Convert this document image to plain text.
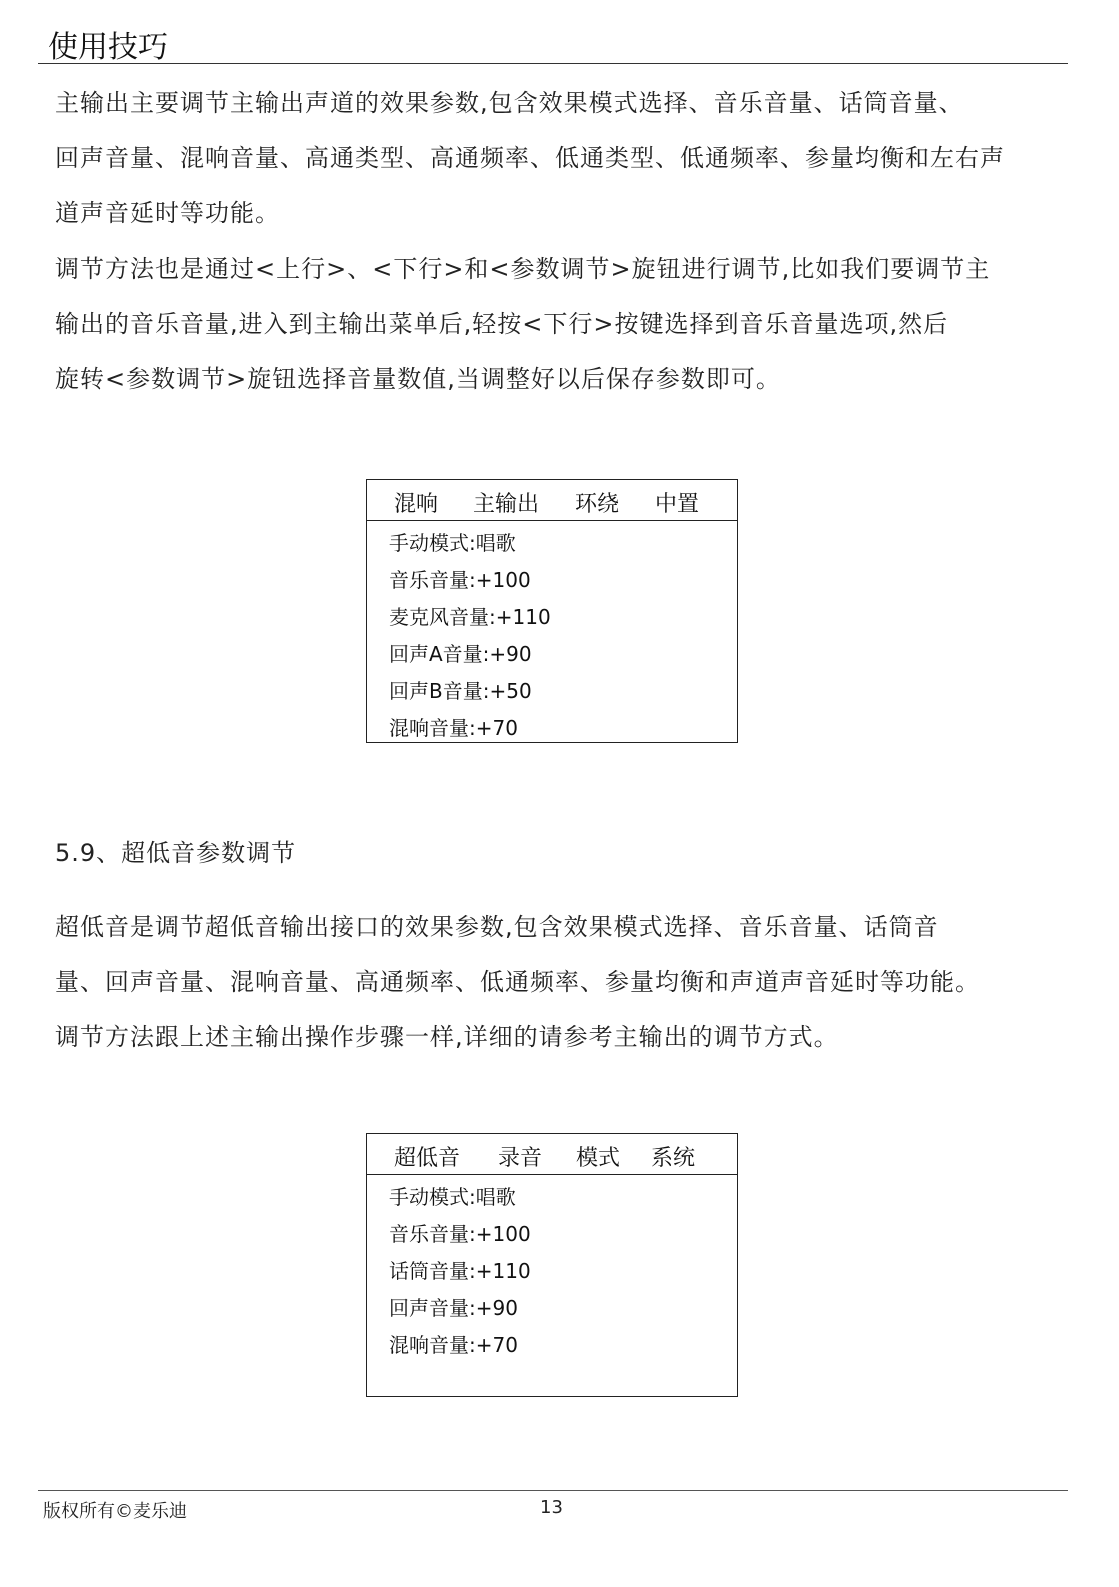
使用技巧
主输出主要调节主输出声道的效果参数,包含效果模式选择、音乐音量、话筒音量、
回声音量、混响音量、高通类型、高通频率、低通类型、低通频率、参量均衡和左右声
道声音延时等功能。
调节方法也是通过<上行>、<下行>和<参数调节>旋钮进行调节,比如我们要调节主
输出的音乐音量,进入到主输出菜单后,轻按<下行>按键选择到音乐音量选项,然后
旋转<参数调节>旋钮选择音量数值,当调整好以后保存参数即可。
混响 主输出 环绕 中置
手动模式:唱歌
音乐音量:+100
麦克风音量:+110
回声A音量:+90
回声B音量:+50
混响音量:+70
5.9、超低音参数调节
超低音是调节超低音输出接口的效果参数,包含效果模式选择、音乐音量、话筒音
量、回声音量、混响音量、高通频率、低通频率、参量均衡和声道声音延时等功能。
调节方法跟上述主输出操作步骤一样,详细的请参考主输出的调节方式。
超低音 录音 模式 系统
手动模式:唱歌
音乐音量:+100
话筒音量:+110
回声音量:+90
混响音量:+70
版权所有©麦乐迪	13
